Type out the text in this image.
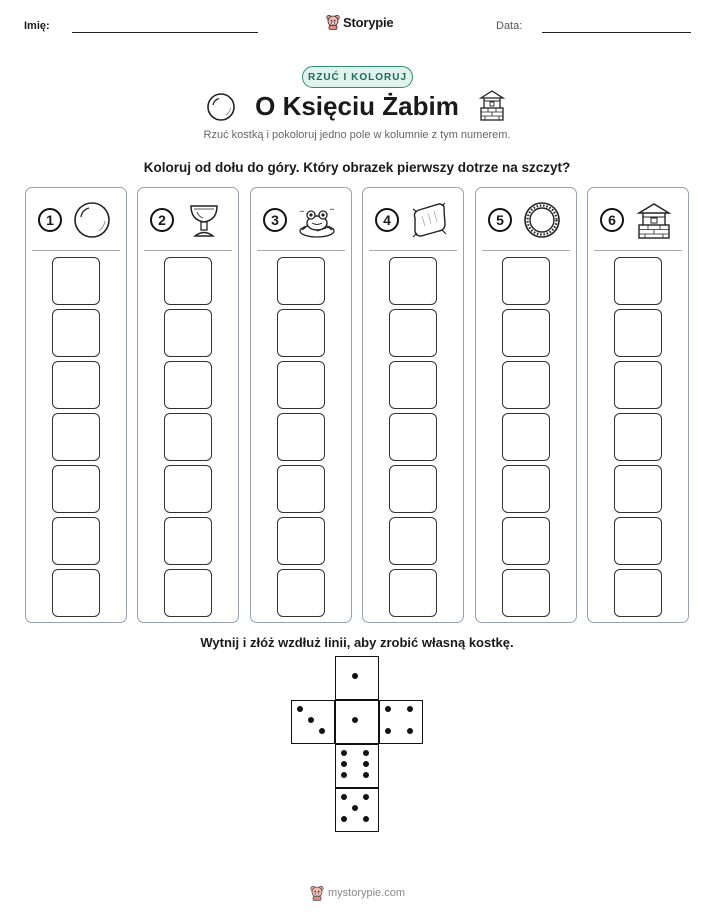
Imię:	Data:
Storypie
RZUĆ I KOLORUJ
O Księciu Żabim
Rzuć kostką i pokoloruj jedno pole w kolumnie z tym numerem.
Koloruj od dołu do góry. Który obrazek pierwszy dotrze na szczyt?
1	2	3	4	5	6
Wytnij i złóż wzdłuż linii, aby zrobić własną kostkę.
mystorypie.com
